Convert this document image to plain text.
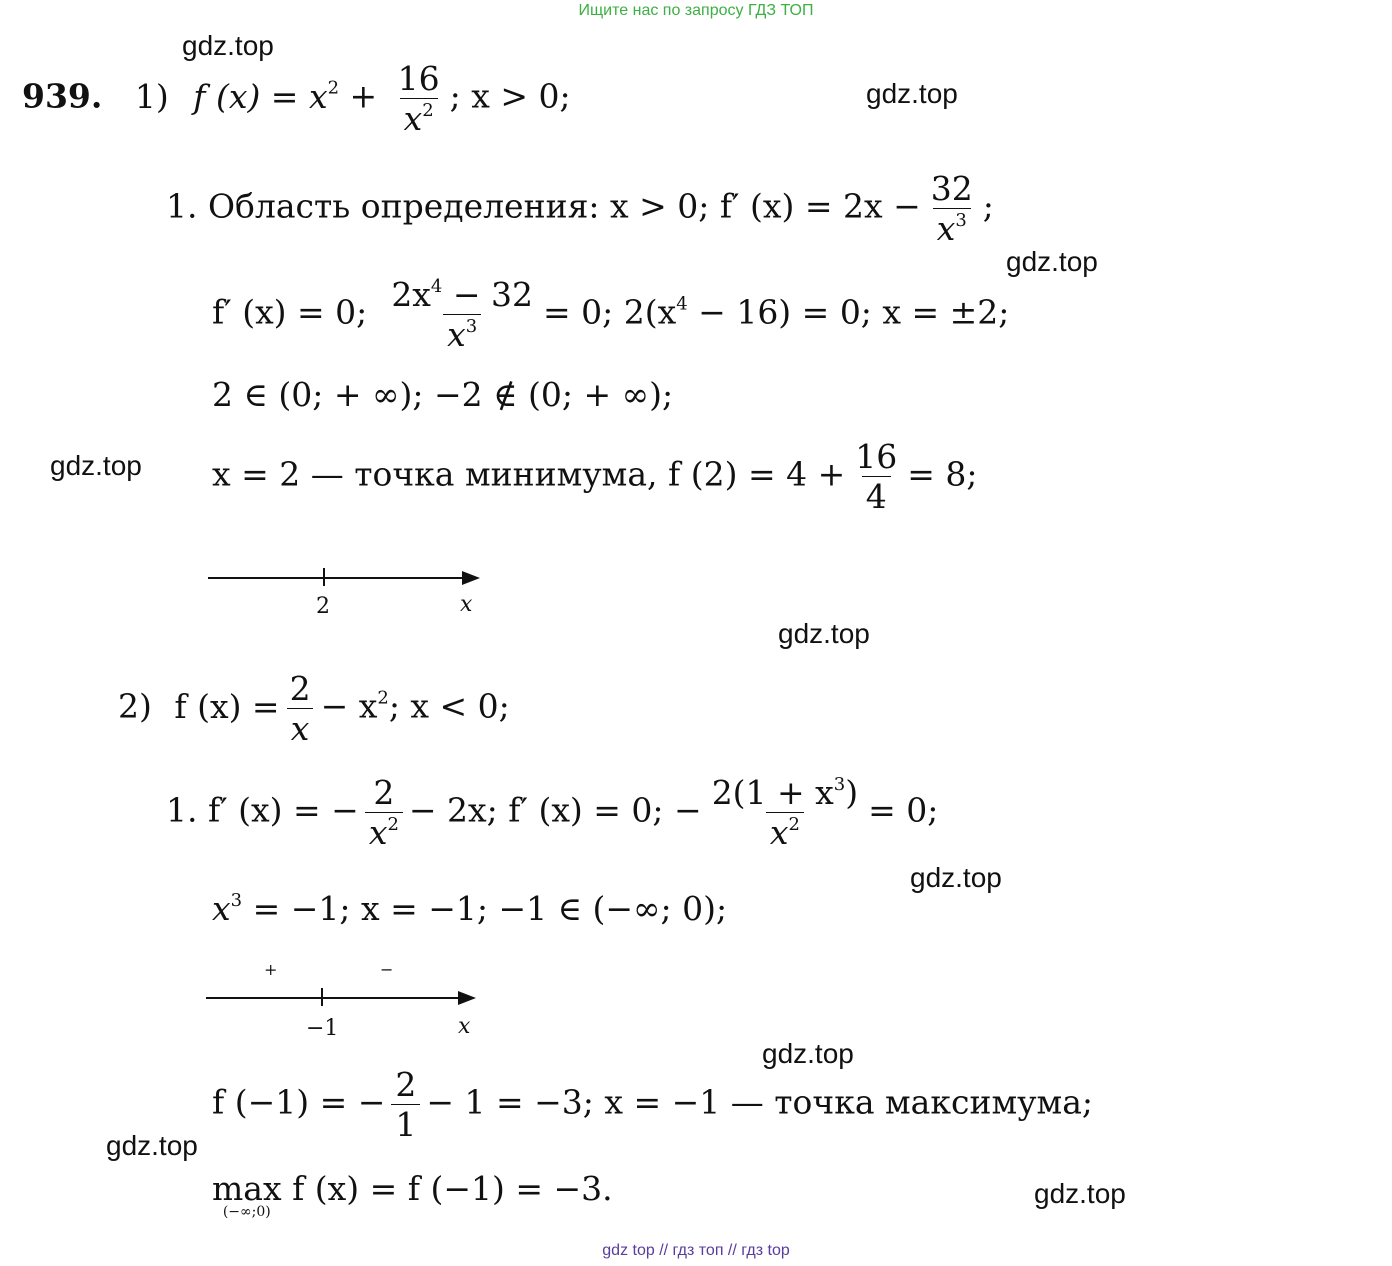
Ищите нас по запросу ГДЗ ТОП
gdz.top
gdz.top
gdz.top
gdz.top
gdz.top
gdz.top
gdz.top
gdz.top
gdz.top
939. 1) f $(x) = x^2 + \frac{16}{x^2}$ ; x > 0;
1. Область определения: x > 0; f′ $(x) = 2x - \frac{32}{x^3}$ ;
f′ (x) = 0; $\frac{2x^4 - 32}{x^3} = 0$; $2(x^4 - 16) = 0$; x = ±2;
2 ∈ (0; + ∞); −2 ∉ (0; + ∞);
x = 2 — точка минимума, f $(2) = 4 + \frac{16}{4} = 8$;
2	x
2) f $(x) = \frac{2}{x} - x^2$; x < 0;
1. f′ (x) = − $\frac{2}{x^2} - 2x$; f′ (x) = 0; − $\frac{2(1 + x^3)}{x^2} = 0$;
$x^3 = -1$; x = −1; −1 ∈ (−∞; 0);
+	−
−1	x
f (−1) = − $\frac{2}{1} - 1 = -3$; x = −1 — точка максимума;
max
(−∞;0)
f (x) = f (−1) = −3.
gdz top // гдз топ // гдз top
